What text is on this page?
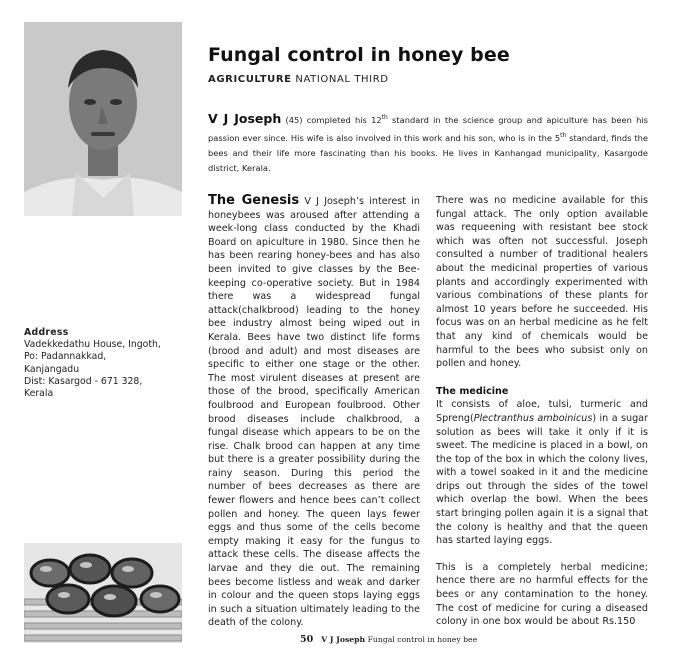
Fungal control in honey bee
AGRICULTURE NATIONAL THIRD
V J Joseph (45) completed his 12th standard in the science group and apiculture has been his passion ever since. His wife is also involved in this work and his son, who is in the 5th standard, finds the bees and their life more fascinating than his books. He lives in Kanhangad municipality, Kasargode district, Kerala.
Address
Vadekkedathu House, Ingoth,
Po: Padannakkad,
Kanjangadu
Dist: Kasargod - 671 328,
Kerala

The Genesis V J Joseph’s interest in honeybees was aroused after attending a week-long class conducted by the Khadi Board on apiculture in 1980. Since then he has been rearing honey-bees and has also been invited to give classes by the Bee-keeping co-operative society. But in 1984 there was a widespread fungal attack(chalkbrood) leading to the honey bee industry almost being wiped out in Kerala. Bees have two distinct life forms (brood and adult) and most diseases are specific to either one stage or the other. The most virulent diseases at present are those of the brood, specifically American foulbrood and European foulbrood. Other brood diseases include chalkbrood, a fungal disease which appears to be on the rise. Chalk brood can happen at any time but there is a greater possibility during the rainy season. During this period the number of bees decreases as there are fewer flowers and hence bees can’t collect pollen and honey. The queen lays fewer eggs and thus some of the cells become empty making it easy for the fungus to attack these cells. The disease affects the larvae and they die out. The remaining bees become listless and weak and darker in colour and the queen stops laying eggs in such a situation ultimately leading to the death of the colony.

There was no medicine available for this fungal attack. The only option available was requeening with resistant bee stock which was often not successful. Joseph consulted a number of traditional healers about the medicinal properties of various plants and accordingly experimented with various combinations of these plants for almost 10 years before he succeeded. His focus was on an herbal medicine as he felt that any kind of chemicals would be harmful to the bees who subsist only on pollen and honey.

The medicine

It consists of aloe, tulsi, turmeric and Spreng(Plectranthus amboinicus) in a sugar solution as bees will take it only if it is sweet. The medicine is placed in a bowl, on the top of the box in which the colony lives, with a towel soaked in it and the medicine drips out through the sides of the towel which overlap the bowl. When the bees start bringing pollen again it is a signal that the colony is healthy and that the queen has started laying eggs.

This is a completely herbal medicine; hence there are no harmful effects for the bees or any contamination to the honey. The cost of medicine for curing a diseased colony in one box would be about Rs.150

50 V J Joseph Fungal control in honey bee
